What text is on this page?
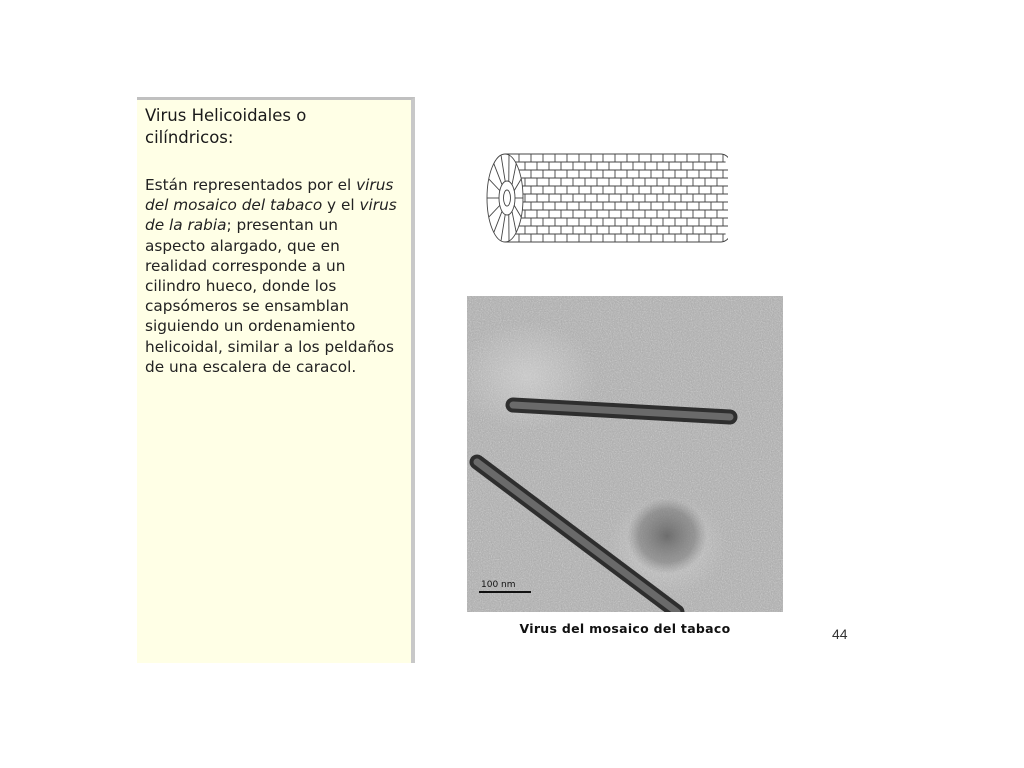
Virus Helicoidales o
cilíndricos:

Están representados por el virus del mosaico del tabaco y el virus de la rabia; presentan un aspecto alargado, que en realidad corresponde a un cilindro hueco, donde los capsómeros se ensamblan siguiendo un ordenamiento helicoidal, similar a los peldaños de una escalera de caracol.

100 nm
Virus del mosaico del tabaco	44
